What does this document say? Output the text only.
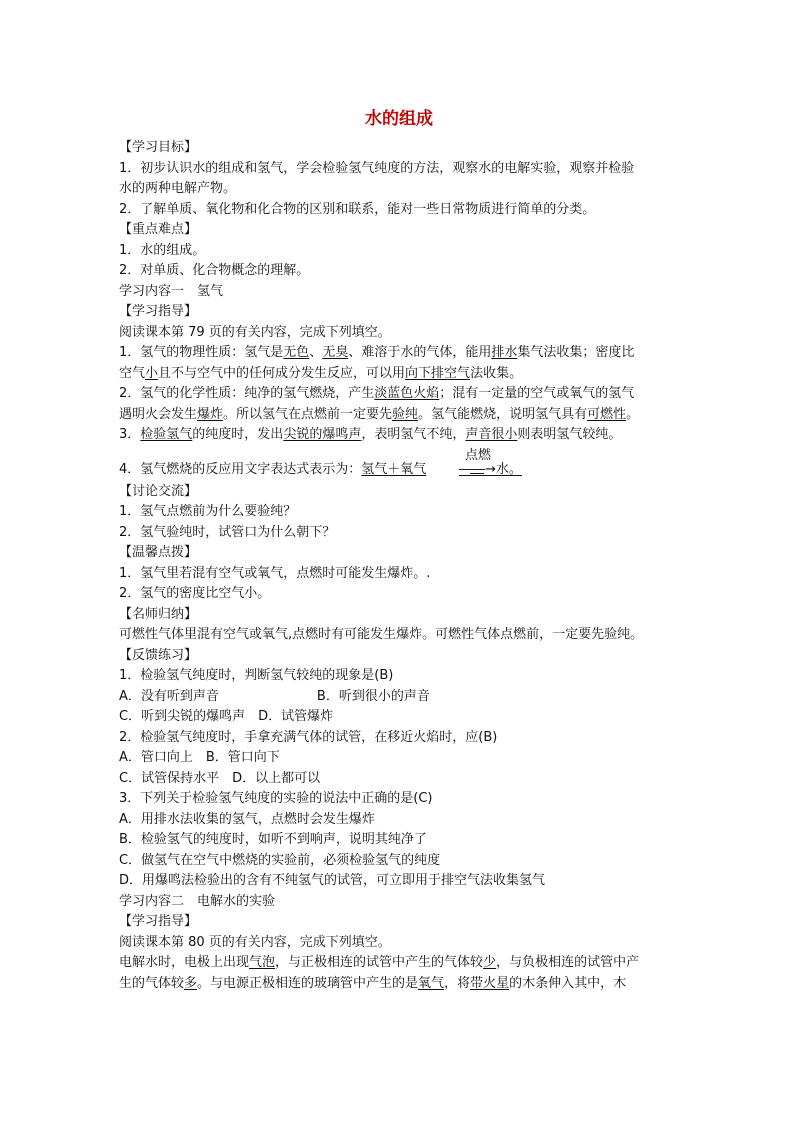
水的组成
【学习目标】
1．初步认识水的组成和氢气，学会检验氢气纯度的方法，观察水的电解实验，观察并检验
水的两种电解产物。
2．了解单质、氧化物和化合物的区别和联系，能对一些日常物质进行简单的分类。
【重点难点】
1．水的组成。
2．对单质、化合物概念的理解。
学习内容一　氢气
【学习指导】
阅读课本第 79 页的有关内容，完成下列填空。
1．氢气的物理性质：氢气是无色、无臭、难溶于水的气体，能用排水集气法收集；密度比
空气小且不与空气中的任何成分发生反应，可以用向下排空气法收集。
2．氢气的化学性质：纯净的氢气燃烧，产生淡蓝色火焰；混有一定量的空气或氧气的氢气
遇明火会发生爆炸。所以氢气在点燃前一定要先验纯。氢气能燃烧，说明氢气具有可燃性。
3．检验氢气的纯度时，发出尖锐的爆鸣声，表明氢气不纯，声音很小则表明氢气较纯。
4．氢气燃烧的反应用文字表达式表示为：氢气＋氧气
点燃
――→水。
【讨论交流】
1．氢气点燃前为什么要验纯？
2．氢气验纯时，试管口为什么朝下？
【温馨点拨】
1．氢气里若混有空气或氧气，点燃时可能发生爆炸。.
2．氢气的密度比空气小。
【名师归纳】
可燃性气体里混有空气或氧气,点燃时有可能发生爆炸。可燃性气体点燃前，一定要先验纯。
【反馈练习】
1．检验氢气纯度时，判断氢气较纯的现象是(B)
A．没有听到声音	B．听到很小的声音
C．听到尖锐的爆鸣声　D．试管爆炸
2．检验氢气纯度时，手拿充满气体的试管，在移近火焰时，应(B)
A．管口向上　B．管口向下
C．试管保持水平　D．以上都可以
3．下列关于检验氢气纯度的实验的说法中正确的是(C)
A．用排水法收集的氢气，点燃时会发生爆炸
B．检验氢气的纯度时，如听不到响声，说明其纯净了
C．做氢气在空气中燃烧的实验前，必须检验氢气的纯度
D．用爆鸣法检验出的含有不纯氢气的试管，可立即用于排空气法收集氢气
学习内容二　电解水的实验
【学习指导】
阅读课本第 80 页的有关内容，完成下列填空。
电解水时，电极上出现气泡，与正极相连的试管中产生的气体较少，与负极相连的试管中产
生的气体较多。与电源正极相连的玻璃管中产生的是氧气，将带火星的木条伸入其中，木
